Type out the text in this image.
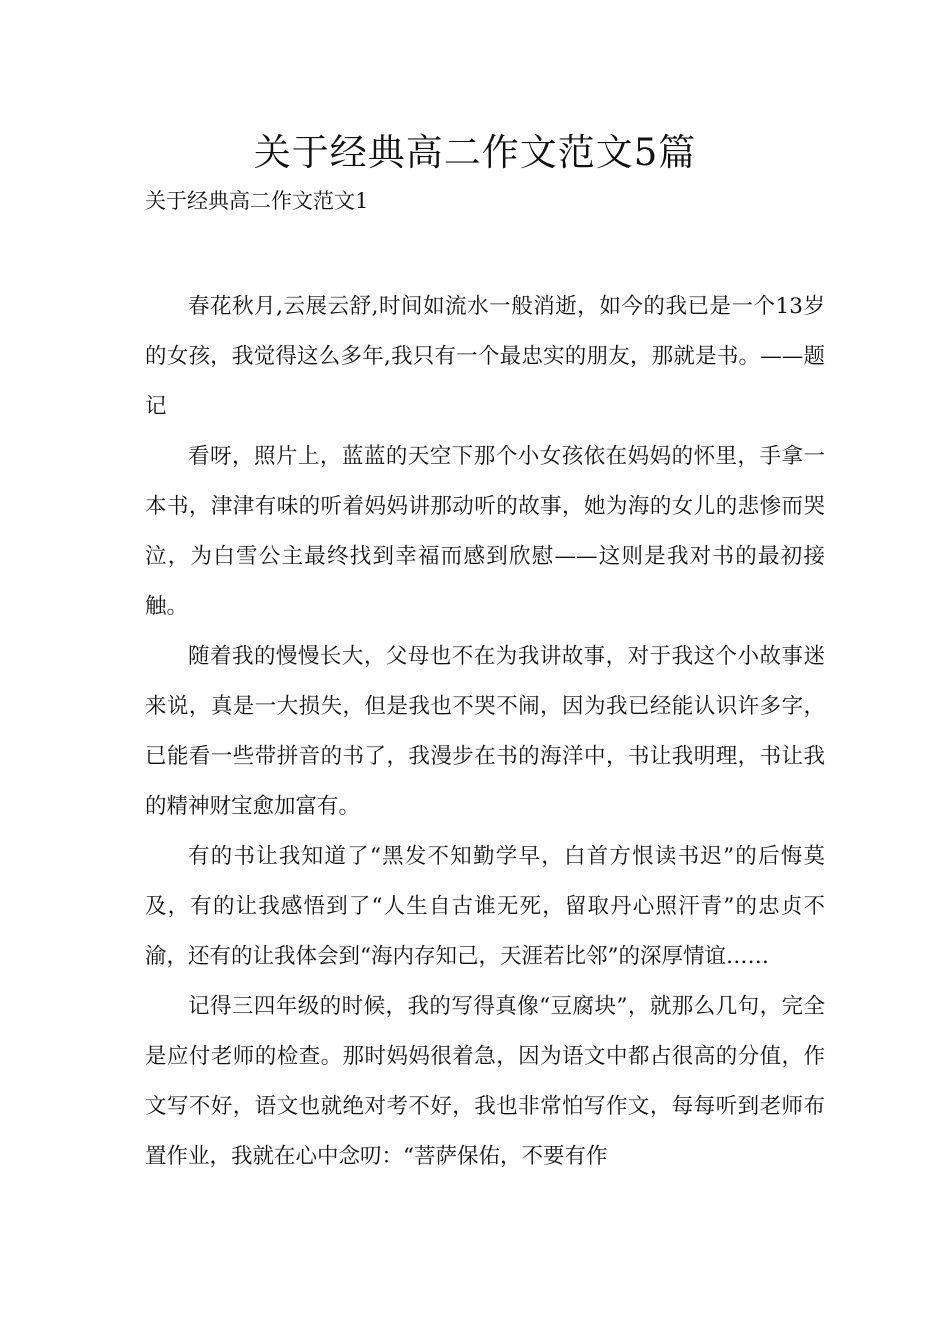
关于经典高二作文范文5篇
关于经典高二作文范文1

春花秋月,云展云舒,时间如流水一般消逝，如今的我已是一个13岁的女孩，我觉得这么多年,我只有一个最忠实的朋友，那就是书。——题记

看呀，照片上，蓝蓝的天空下那个小女孩依在妈妈的怀里，手拿一本书，津津有味的听着妈妈讲那动听的故事，她为海的女儿的悲惨而哭泣，为白雪公主最终找到幸福而感到欣慰——这则是我对书的最初接触。

随着我的慢慢长大，父母也不在为我讲故事，对于我这个小故事迷来说，真是一大损失，但是我也不哭不闹，因为我已经能认识许多字，已能看一些带拼音的书了，我漫步在书的海洋中，书让我明理，书让我的精神财宝愈加富有。

有的书让我知道了“黑发不知勤学早，白首方恨读书迟”的后悔莫及，有的让我感悟到了“人生自古谁无死，留取丹心照汗青”的忠贞不渝，还有的让我体会到“海内存知己，天涯若比邻”的深厚情谊……

记得三四年级的时候，我的写得真像“豆腐块”，就那么几句，完全是应付老师的检查。那时妈妈很着急，因为语文中都占很高的分值，作文写不好，语文也就绝对考不好，我也非常怕写作文，每每听到老师布置作业，我就在心中念叨：“菩萨保佑，不要有作
